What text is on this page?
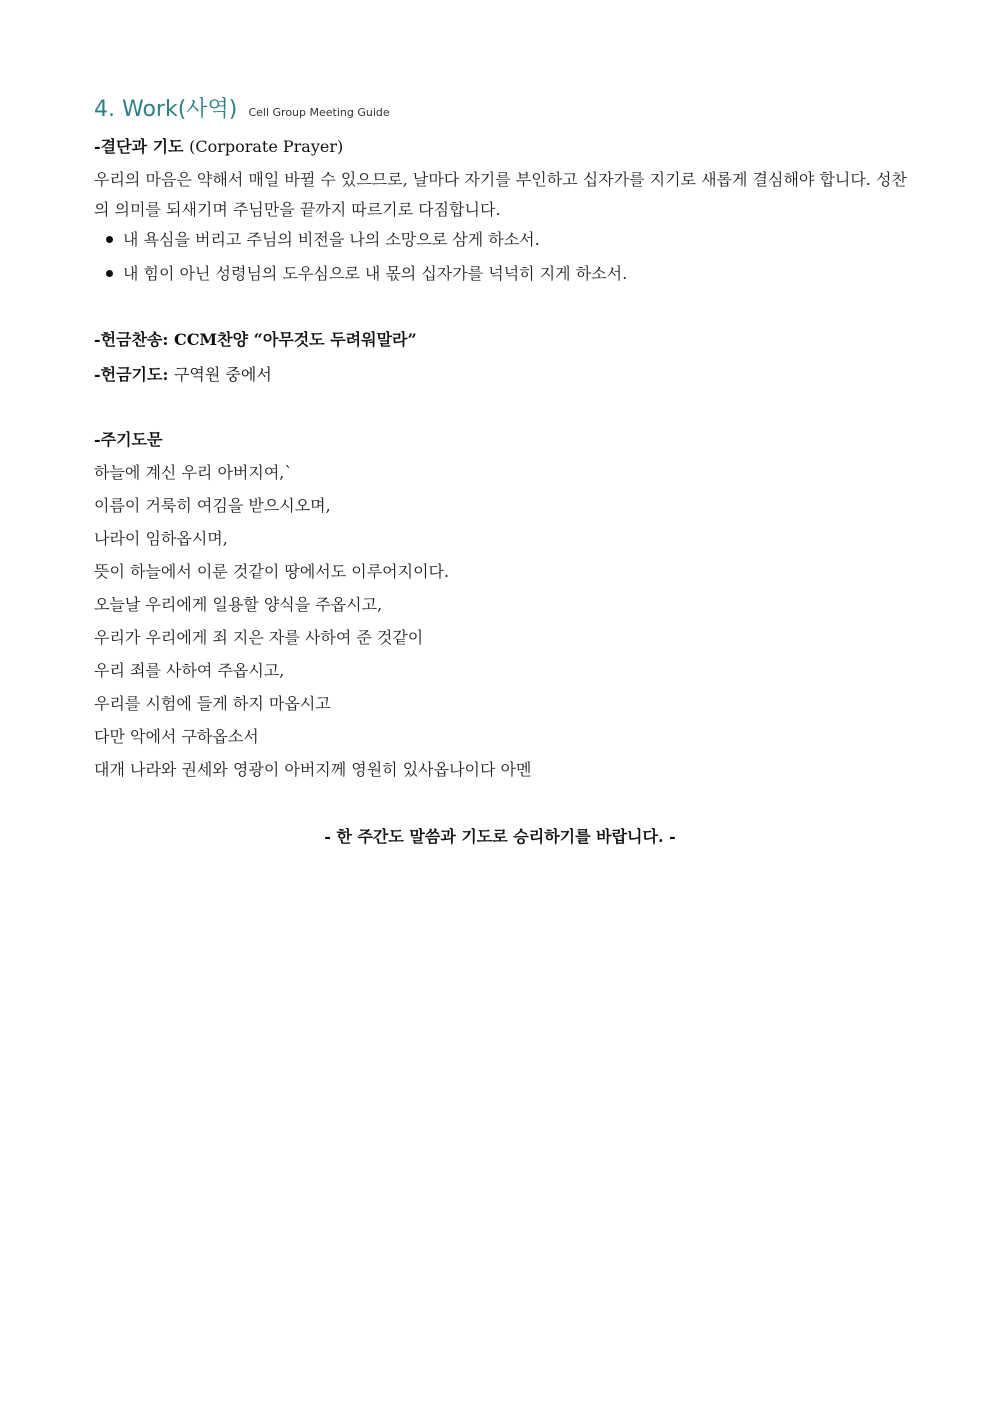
4. Work(사역) Cell Group Meeting Guide
-결단과 기도 (Corporate Prayer)

우리의 마음은 약해서 매일 바뀔 수 있으므로, 날마다 자기를 부인하고 십자가를 지기로 새롭게 결심해야 합니다. 성찬의 의미를 되새기며 주님만을 끝까지 따르기로 다짐합니다.

내 욕심을 버리고 주님의 비전을 나의 소망으로 삼게 하소서.
내 힘이 아닌 성령님의 도우심으로 내 몫의 십자가를 넉넉히 지게 하소서.
-헌금찬송: CCM찬양 “아무것도 두려워말라”
-헌금기도: 구역원 중에서
-주기도문
하늘에 계신 우리 아버지여,`
이름이 거룩히 여김을 받으시오며,
나라이 임하옵시며,
뜻이 하늘에서 이룬 것같이 땅에서도 이루어지이다.
오늘날 우리에게 일용할 양식을 주옵시고,
우리가 우리에게 죄 지은 자를 사하여 준 것같이
우리 죄를 사하여 주옵시고,
우리를 시험에 들게 하지 마옵시고
다만 악에서 구하옵소서
대개 나라와 권세와 영광이 아버지께 영원히 있사옵나이다 아멘
- 한 주간도 말씀과 기도로 승리하기를 바랍니다. -
